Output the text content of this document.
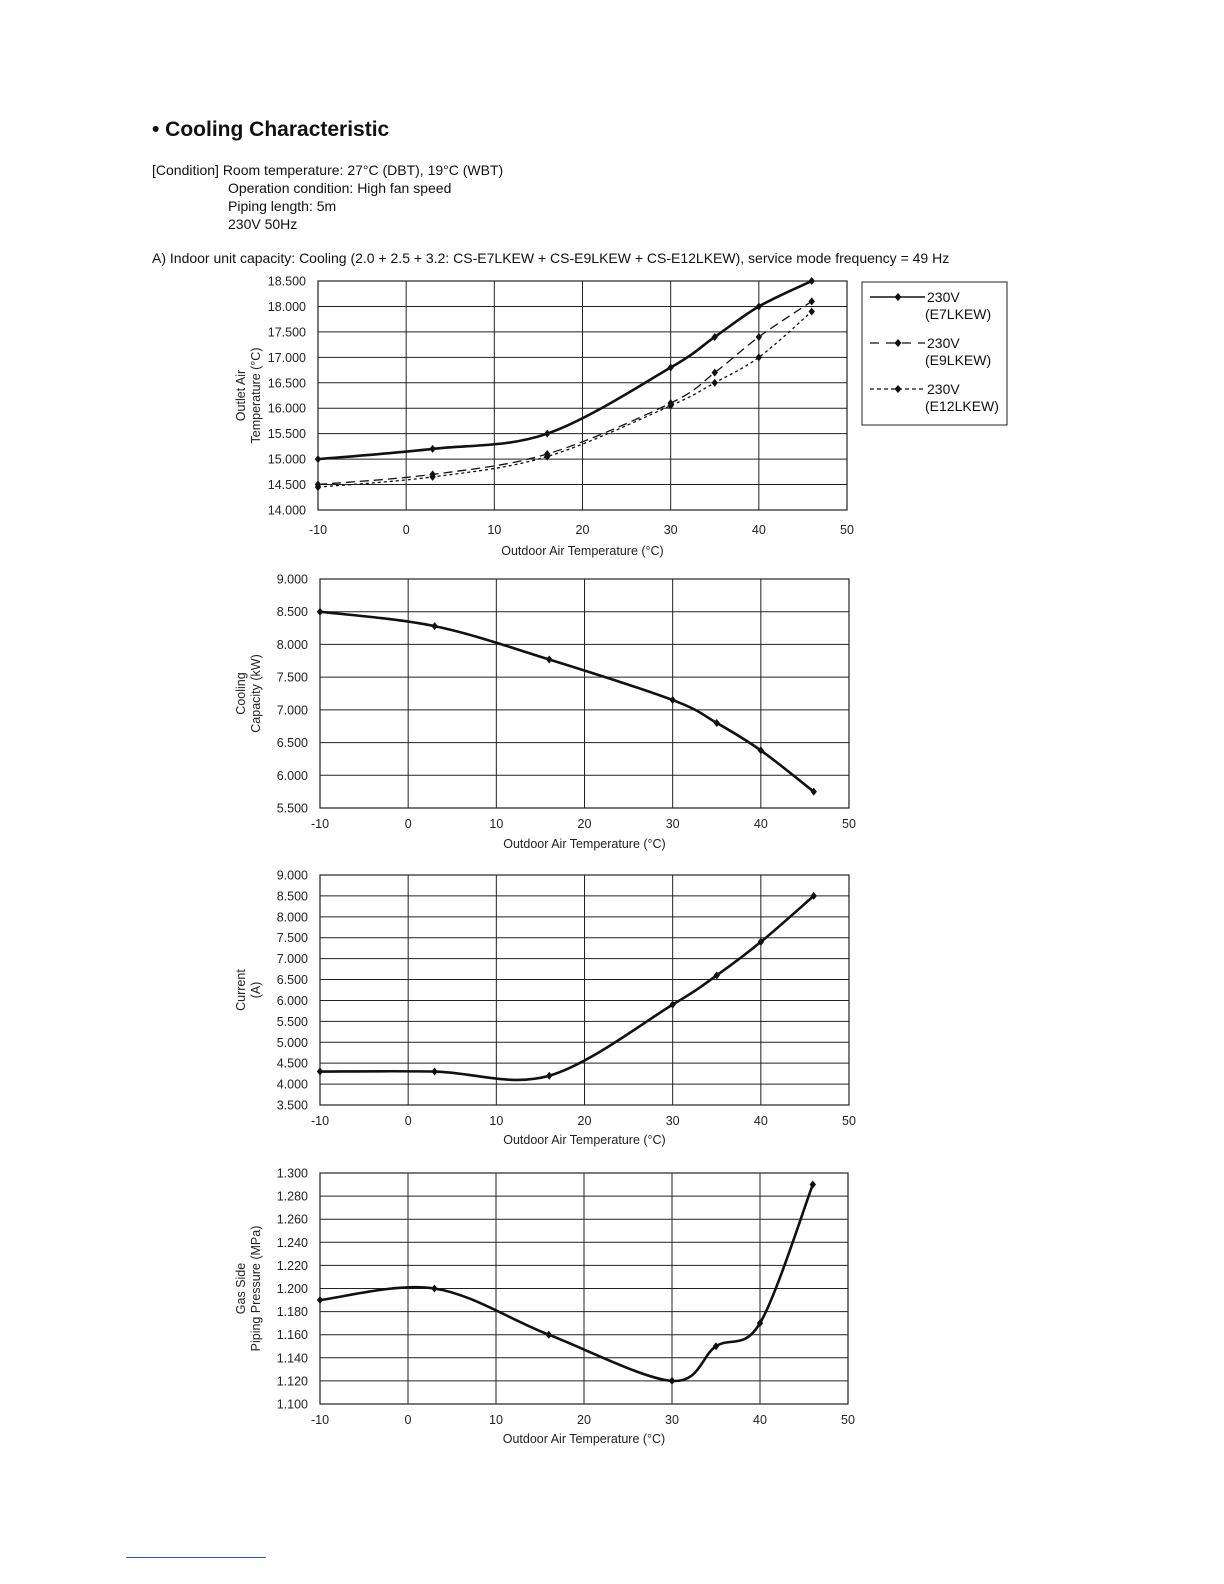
• Cooling Characteristic
[Condition] Room temperature: 27°C (DBT), 19°C (WBT)
Operation condition: High fan speed
Piping length: 5m
230V 50Hz
A) Indoor unit capacity: Cooling (2.0 + 2.5 + 3.2: CS-E7LKEW + CS-E9LKEW + CS-E12LKEW), service mode frequency = 49 Hz
14.000
14.500
15.000
15.500
16.000
16.500
17.000
17.500
18.000
18.500
-10	0	10	20	30	40	50
Outdoor Air Temperature (°C)
Outlet AirTemperature (°C)
5.500
6.000
6.500
7.000
7.500
8.000
8.500
9.000
-10	0	10	20	30	40	50
Outdoor Air Temperature (°C)
CoolingCapacity (kW)
3.500
4.000
4.500
5.000
5.500
6.000
6.500
7.000
7.500
8.000
8.500
9.000
-10	0	10	20	30	40	50
Outdoor Air Temperature (°C)
Current(A)
1.100
1.120
1.140
1.160
1.180
1.200
1.220
1.240
1.260
1.280
1.300
-10	0	10	20	30	40	50
Outdoor Air Temperature (°C)
Gas SidePiping Pressure (MPa)
230V
(E7LKEW)
230V
(E9LKEW)
230V
(E12LKEW)
